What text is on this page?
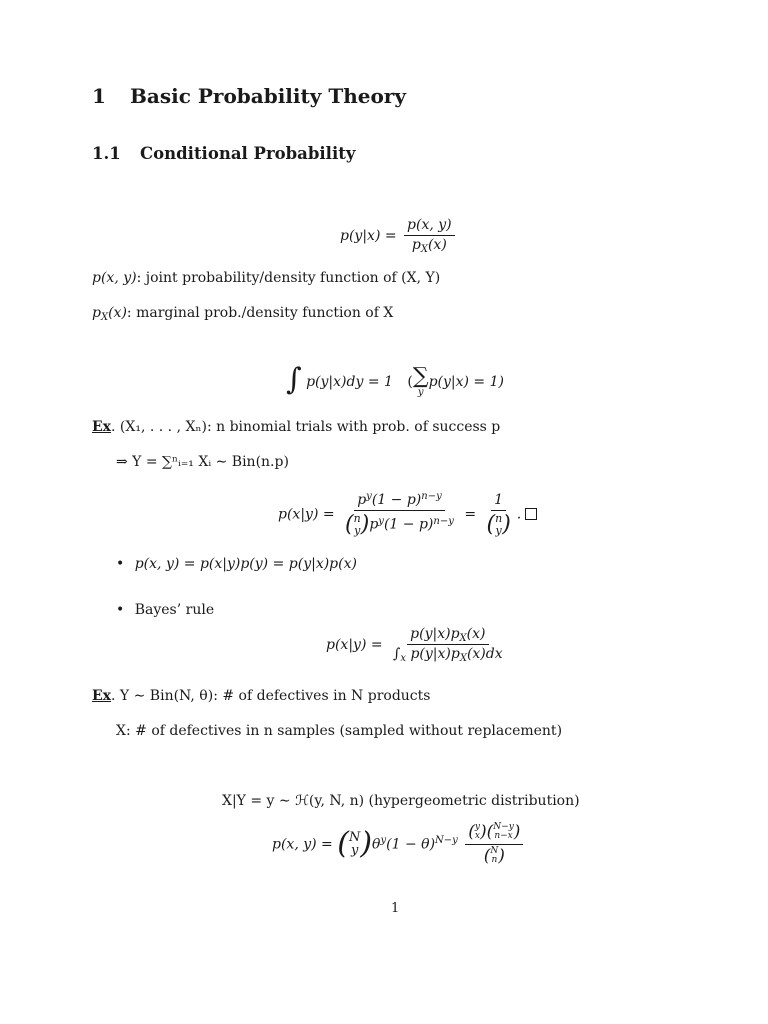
1 Basic Probability Theory
1.1 Conditional Probability
$p(y|x) = \frac{p(x, y)}{p_X(x)}$
p(x, y): joint probability/density function of (X, Y)
$p_X(x)$: marginal prob./density function of X
∫ p(y|x)dy = 1 ( ∑
y
p(y|x) = 1)
Ex. (X₁, . . . , Xₙ): n binomial trials with prob. of success p
⇒ Y = ∑ⁿᵢ₌₁ Xᵢ ∼ Bin(n.p)
$p(x|y) = p^y(1 - p)^{n-y}$
( n
y ) $p^y(1 - p)^{n-y} = 1$
( n
y ) .
• p(x, y) = p(x|y)p(y) = p(y|x)p(x)
• Bayes’ rule
$p(x|y) = \frac{p(y|x)p_X(x)}{\int_x p(y|x)p_X(x)dx}$
Ex. Y ∼ Bin(N, θ): # of defectives in N products
X: # of defectives in n samples (sampled without replacement)
X|Y = y ∼ ℋ(y, N, n) (hypergeometric distribution)
p(x, y) = ( N
y ) $\theta^y(1 - \theta)^{N-y}$ ( y
x ) ( N−y
n−x )
( N
n )
1
